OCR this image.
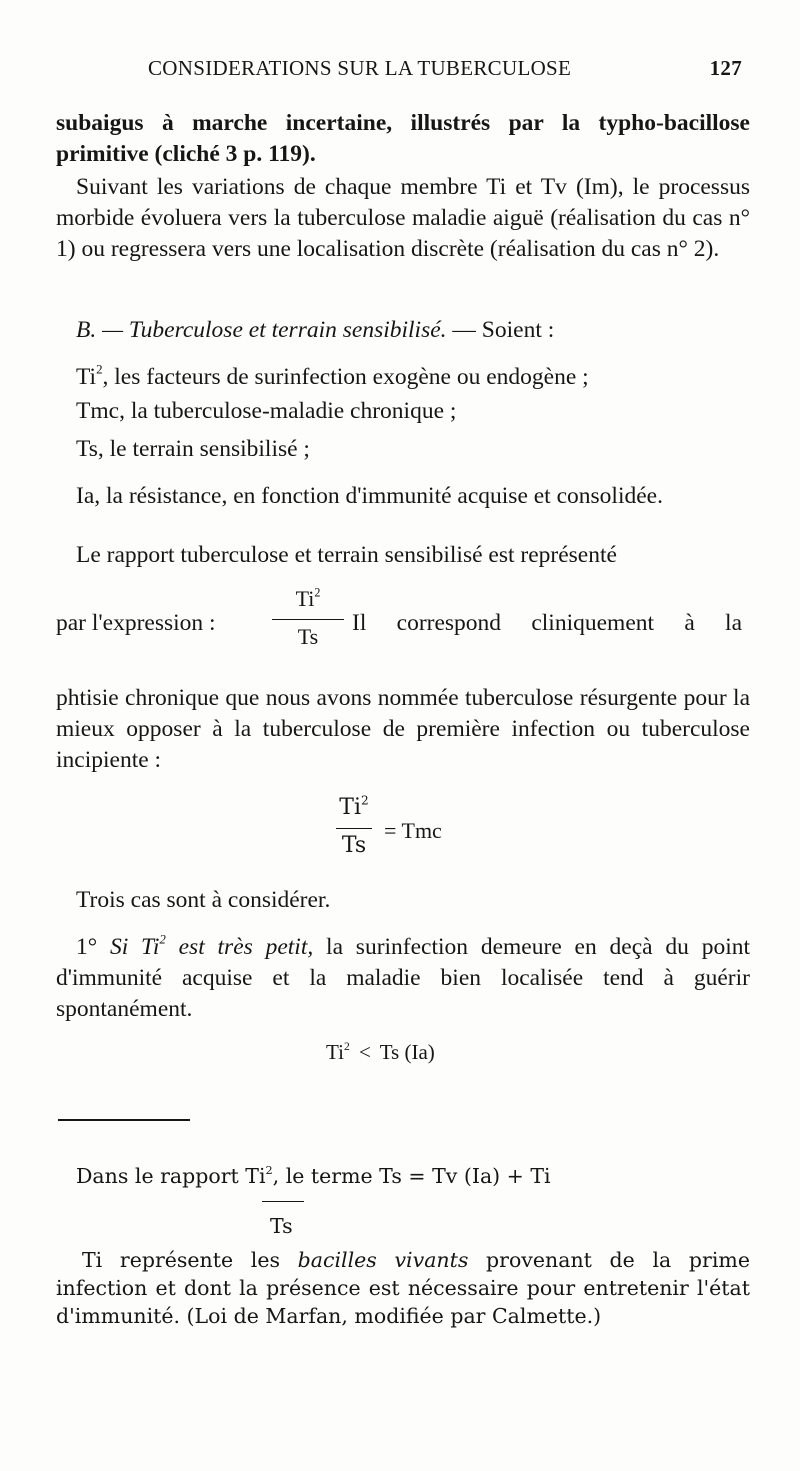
CONSIDERATIONS SUR LA TUBERCULOSE	127

subaigus à marche incertaine, illustrés par la typho-bacillose primitive (cliché 3 p. 119).

Suivant les variations de chaque membre Ti et Tv (Im), le processus morbide évoluera vers la tuberculose maladie aiguë (réalisation du cas n° 1) ou regressera vers une localisation discrète (réalisation du cas n° 2).

B. — Tuberculose et terrain sensibilisé. — Soient :
Ti$^2$, les facteurs de surinfection exogène ou endogène ;
Tmc, la tuberculose-maladie chronique ;
Ts, le terrain sensibilisé ;
Ia, la résistance, en fonction d'immunité acquise et consolidée.
Le rapport tuberculose et terrain sensibilisé est représenté
par l'expression :
Ti$^2$
Ts
Il correspond cliniquement à la
phtisie chronique que nous avons nommée tuberculose résurgente pour la mieux opposer à la tuberculose de première infection ou tuberculose incipiente :
Ti$^2$
Ts
= Tmc
Trois cas sont à considérer.
1° Si Ti$^2$ est très petit, la surinfection demeure en deçà du point d'immunité acquise et la maladie bien localisée tend à guérir spontanément.
$Ti^2 < Ts$ (Ia)
Dans le rapport Ti$^2$, le terme Ts = Tv (Ia) + Ti
Ts
Ti représente les bacilles vivants provenant de la prime infection et dont la présence est nécessaire pour entretenir l'état d'immunité. (Loi de Marfan, modifiée par Calmette.)
